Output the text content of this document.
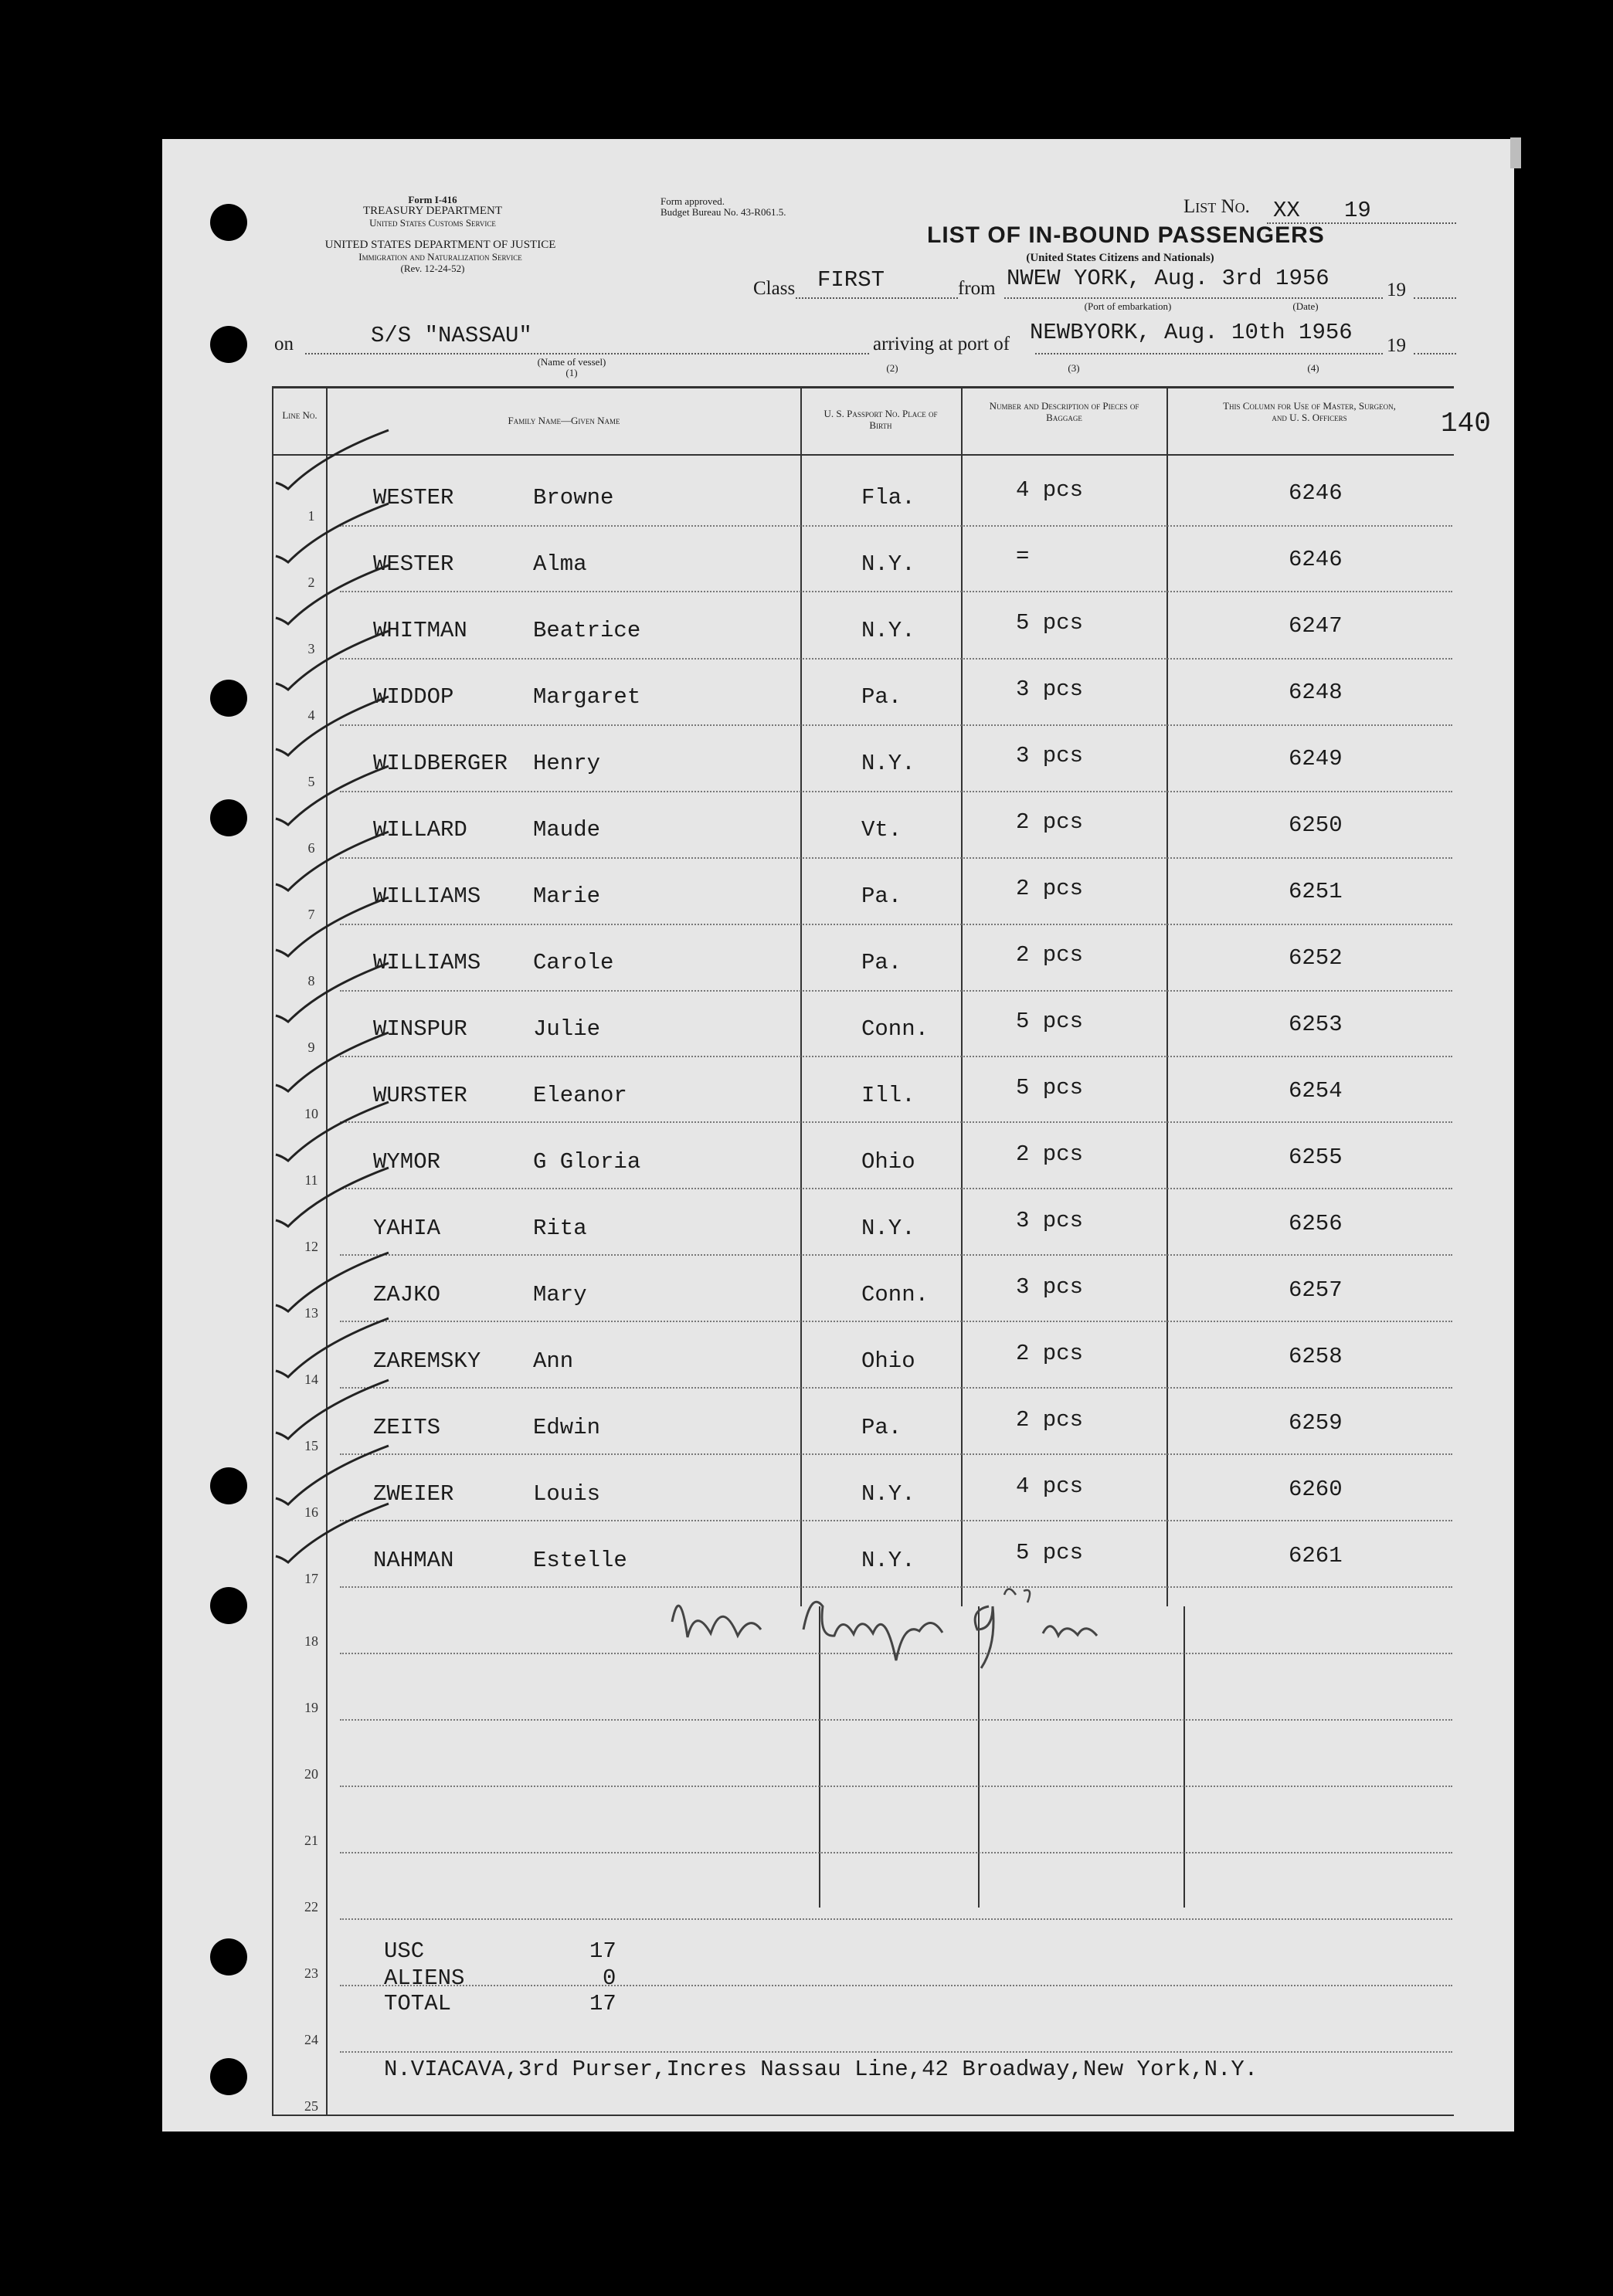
Form I-416
TREASURY DEPARTMENT
United States Customs Service
UNITED STATES DEPARTMENT OF JUSTICE
Immigration and Naturalization Service
(Rev. 12-24-52)
Form approved.
Budget Bureau No. 43-R061.5.	List No. XX 19
LIST OF IN-BOUND PASSENGERS
(United States Citizens and Nationals)
Class FIRST	from NWEW YORK, Aug. 3rd 1956	19
(Port of embarkation)	(Date)
on	S/S "NASSAU"	arriving at port of NEWBYORK, Aug. 10th 1956
19
(Name of vessel)
(1)	(2)	(3)	(4)
140
Line No.	Family Name—Given Name
U. S. Passport No. Place of Birth
Number and Description of Pieces of Baggage
This Column for Use of Master, Surgeon, and U. S. Officers
1
WESTER	Browne	Fla.	4 pcs	6246
2
WESTER	Alma	N.Y.	=	6246
3
WHITMAN	Beatrice	N.Y.	5 pcs	6247
4
WIDDOP	Margaret	Pa.	3 pcs	6248
5
WILDBERGER Henry	N.Y.	3 pcs	6249
6
WILLARD	Maude	Vt.	2 pcs	6250
7
WILLIAMS Marie	Pa.	2 pcs	6251
8
WILLIAMS Carole	Pa.	2 pcs	6252
9
WINSPUR	Julie	Conn.	5 pcs	6253
10
WURSTER	Eleanor	Ill.	5 pcs	6254
11
WYMOR	G Gloria	Ohio	2 pcs	6255
12
YAHIA	Rita	N.Y.	3 pcs	6256
13
ZAJKO	Mary	Conn.	3 pcs	6257
14
ZAREMSKY Ann	Ohio	2 pcs	6258
15
ZEITS	Edwin	Pa.	2 pcs	6259
16
ZWEIER	Louis	N.Y.	4 pcs	6260
17
NAHMAN	Estelle	N.Y.	5 pcs	6261
18
19
20
21
22
23
24
25
USC	17
ALIENS	0
TOTAL	17
N.VIACAVA,3rd Purser,Incres Nassau Line,42 Broadway,New York,N.Y.
